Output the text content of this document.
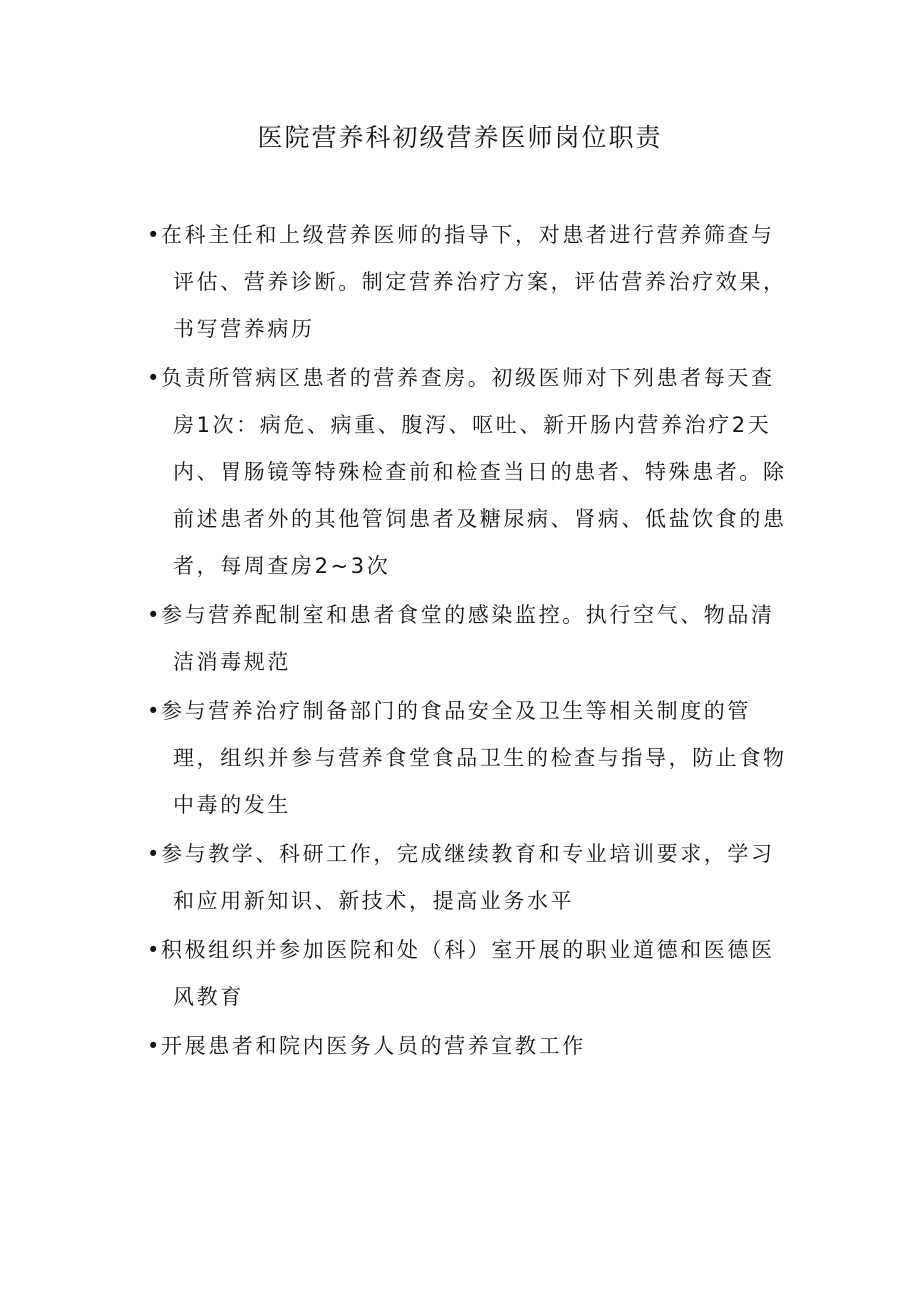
医院营养科初级营养医师岗位职责
•在科主任和上级营养医师的指导下，对患者进行营养筛查与评估、营养诊断。制定营养治疗方案，评估营养治疗效果，书写营养病历
•负责所管病区患者的营养查房。初级医师对下列患者每天查房1次：病危、病重、腹泻、呕吐、新开肠内营养治疗2天内、胃肠镜等特殊检查前和检查当日的患者、特殊患者。除前述患者外的其他管饲患者及糖尿病、肾病、低盐饮食的患者，每周查房2~3次
•参与营养配制室和患者食堂的感染监控。执行空气、物品清洁消毒规范
•参与营养治疗制备部门的食品安全及卫生等相关制度的管理，组织并参与营养食堂食品卫生的检查与指导，防止食物中毒的发生
•参与教学、科研工作，完成继续教育和专业培训要求，学习和应用新知识、新技术，提高业务水平
•积极组织并参加医院和处（科）室开展的职业道德和医德医风教育
•开展患者和院内医务人员的营养宣教工作
